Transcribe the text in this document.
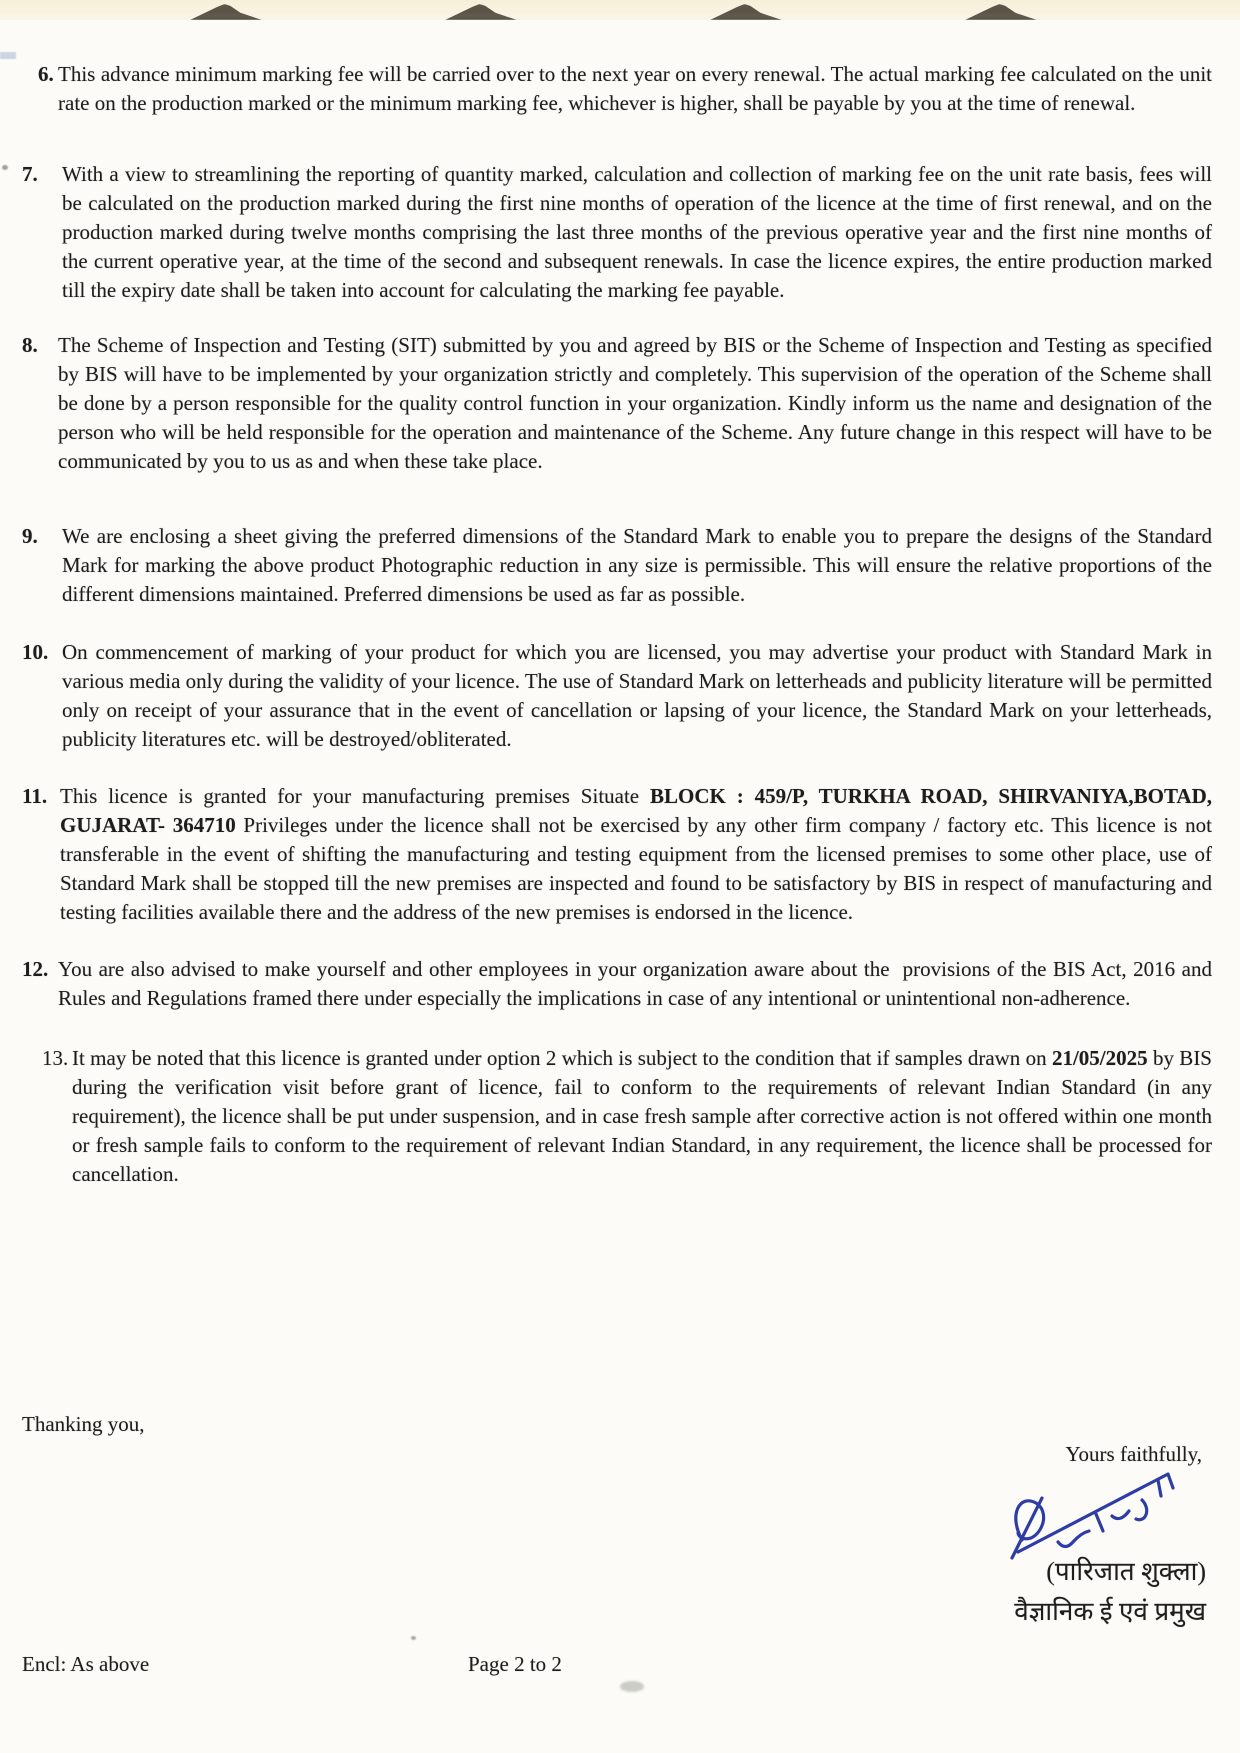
6. This advance minimum marking fee will be carried over to the next year on every renewal. The actual marking fee calculated on the unit rate on the production marked or the minimum marking fee, whichever is higher, shall be payable by you at the time of renewal.
7. With a view to streamlining the reporting of quantity marked, calculation and collection of marking fee on the unit rate basis, fees will be calculated on the production marked during the first nine months of operation of the licence at the time of first renewal, and on the production marked during twelve months comprising the last three months of the previous operative year and the first nine months of the current operative year, at the time of the second and subsequent renewals. In case the licence expires, the entire production marked till the expiry date shall be taken into account for calculating the marking fee payable.
8. The Scheme of Inspection and Testing (SIT) submitted by you and agreed by BIS or the Scheme of Inspection and Testing as specified by BIS will have to be implemented by your organization strictly and completely. This supervision of the operation of the Scheme shall be done by a person responsible for the quality control function in your organization. Kindly inform us the name and designation of the person who will be held responsible for the operation and maintenance of the Scheme. Any future change in this respect will have to be communicated by you to us as and when these take place.
9. We are enclosing a sheet giving the preferred dimensions of the Standard Mark to enable you to prepare the designs of the Standard Mark for marking the above product Photographic reduction in any size is permissible. This will ensure the relative proportions of the different dimensions maintained. Preferred dimensions be used as far as possible.
10. On commencement of marking of your product for which you are licensed, you may advertise your product with Standard Mark in various media only during the validity of your licence. The use of Standard Mark on letterheads and publicity literature will be permitted only on receipt of your assurance that in the event of cancellation or lapsing of your licence, the Standard Mark on your letterheads, publicity literatures etc. will be destroyed/obliterated.
11. This licence is granted for your manufacturing premises Situate BLOCK : 459/P, TURKHA ROAD, SHIRVANIYA,BOTAD, GUJARAT- 364710 Privileges under the licence shall not be exercised by any other firm company / factory etc. This licence is not transferable in the event of shifting the manufacturing and testing equipment from the licensed premises to some other place, use of Standard Mark shall be stopped till the new premises are inspected and found to be satisfactory by BIS in respect of manufacturing and testing facilities available there and the address of the new premises is endorsed in the licence.
12. You are also advised to make yourself and other employees in your organization aware about the  provisions of the BIS Act, 2016 and Rules and Regulations framed there under especially the implications in case of any intentional or unintentional non-adherence.
13. It may be noted that this licence is granted under option 2 which is subject to the condition that if samples drawn on 21/05/2025 by BIS during the verification visit before grant of licence, fail to conform to the requirements of relevant Indian Standard (in any requirement), the licence shall be put under suspension, and in case fresh sample after corrective action is not offered within one month or fresh sample fails to conform to the requirement of relevant Indian Standard, in any requirement, the licence shall be processed for cancellation.
Thanking you,
Yours faithfully,
(पारिजात शुक्ला)
वैज्ञानिक ई एवं प्रमुख
Encl: As above	Page 2 to 2
